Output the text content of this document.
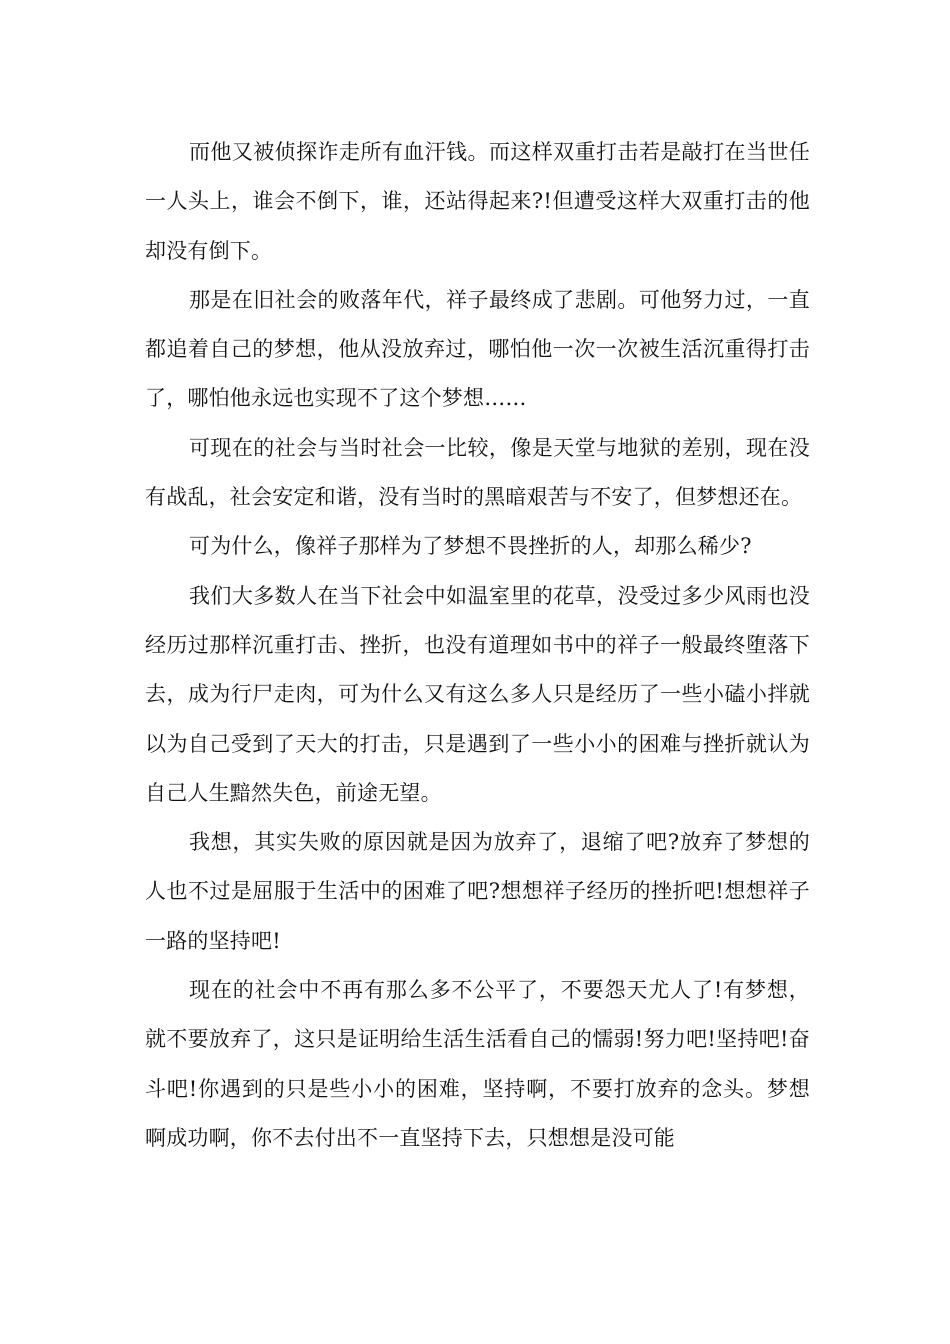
而他又被侦探诈走所有血汗钱。而这样双重打击若是敲打在当世任一人头上，谁会不倒下，谁，还站得起来?!但遭受这样大双重打击的他却没有倒下。

那是在旧社会的败落年代，祥子最终成了悲剧。可他努力过，一直都追着自己的梦想，他从没放弃过，哪怕他一次一次被生活沉重得打击了，哪怕他永远也实现不了这个梦想……

可现在的社会与当时社会一比较，像是天堂与地狱的差别，现在没有战乱，社会安定和谐，没有当时的黑暗艰苦与不安了，但梦想还在。

可为什么，像祥子那样为了梦想不畏挫折的人，却那么稀少?

我们大多数人在当下社会中如温室里的花草，没受过多少风雨也没经历过那样沉重打击、挫折，也没有道理如书中的祥子一般最终堕落下去，成为行尸走肉，可为什么又有这么多人只是经历了一些小磕小拌就以为自己受到了天大的打击，只是遇到了一些小小的困难与挫折就认为自己人生黯然失色，前途无望。

我想，其实失败的原因就是因为放弃了，退缩了吧?放弃了梦想的人也不过是屈服于生活中的困难了吧?想想祥子经历的挫折吧!想想祥子一路的坚持吧!

现在的社会中不再有那么多不公平了，不要怨天尤人了!有梦想，就不要放弃了，这只是证明给生活生活看自己的懦弱!努力吧!坚持吧!奋斗吧!你遇到的只是些小小的困难，坚持啊，不要打放弃的念头。梦想啊成功啊，你不去付出不一直坚持下去，只想想是没可能
